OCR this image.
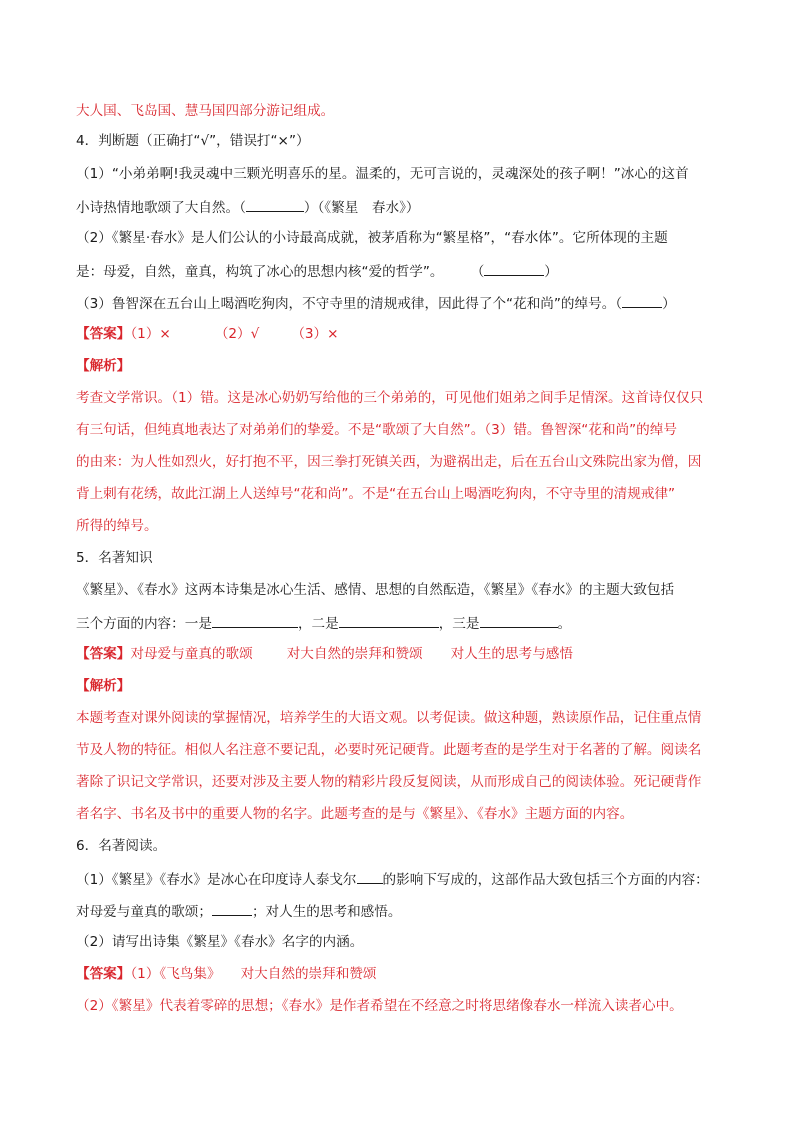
大人国、飞岛国、慧马国四部分游记组成。
4．判断题（正确打“√”，错误打“×”）
（1）“小弟弟啊!我灵魂中三颗光明喜乐的星。温柔的，无可言说的，灵魂深处的孩子啊！”冰心的这首
小诗热情地歌颂了大自然。（	）（《繁星　春水》）
（2）《繁星·春水》是人们公认的小诗最高成就，被茅盾称为“繁星格”，“春水体”。它所体现的主题
是：母爱，自然，童真，构筑了冰心的思想内核“爱的哲学”。　　　（	）
（3）鲁智深在五台山上喝酒吃狗肉，不守寺里的清规戒律，因此得了个“花和尚”的绰号。（	）
【答案】（1）×	（2）√ （3）×
【解析】
考查文学常识。（1）错。这是冰心奶奶写给他的三个弟弟的，可见他们姐弟之间手足情深。这首诗仅仅只
有三句话，但纯真地表达了对弟弟们的挚爱。不是“歌颂了大自然”。（3）错。鲁智深“花和尚”的绰号
的由来：为人性如烈火，好打抱不平，因三拳打死镇关西，为避祸出走，后在五台山文殊院出家为僧，因
背上刺有花绣，故此江湖上人送绰号“花和尚”。不是“在五台山上喝酒吃狗肉，不守寺里的清规戒律”
所得的绰号。
5．名著知识
《繁星》、《春水》这两本诗集是冰心生活、感情、思想的自然酝造，《繁星》《春水》的主题大致包括
三个方面的内容：一是	，二是	，三是	。
【答案】对母爱与童真的歌颂	对大自然的崇拜和赞颂 对人生的思考与感悟
【解析】
本题考查对课外阅读的掌握情况，培养学生的大语文观。以考促读。做这种题，熟读原作品，记住重点情
节及人物的特征。相似人名注意不要记乱，必要时死记硬背。此题考查的是学生对于名著的了解。阅读名
著除了识记文学常识，还要对涉及主要人物的精彩片段反复阅读，从而形成自己的阅读体验。死记硬背作
者名字、书名及书中的重要人物的名字。此题考查的是与《繁星》、《春水》主题方面的内容。
6．名著阅读。
（1）《繁星》《春水》是冰心在印度诗人泰戈尔 的影响下写成的，这部作品大致包括三个方面的内容：
对母爱与童真的歌颂；	；对人生的思考和感悟。
（2）请写出诗集《繁星》《春水》名字的内涵。
【答案】（1）《飞鸟集》 对大自然的崇拜和赞颂
（2）《繁星》代表着零碎的思想；《春水》是作者希望在不经意之时将思绪像春水一样流入读者心中。
